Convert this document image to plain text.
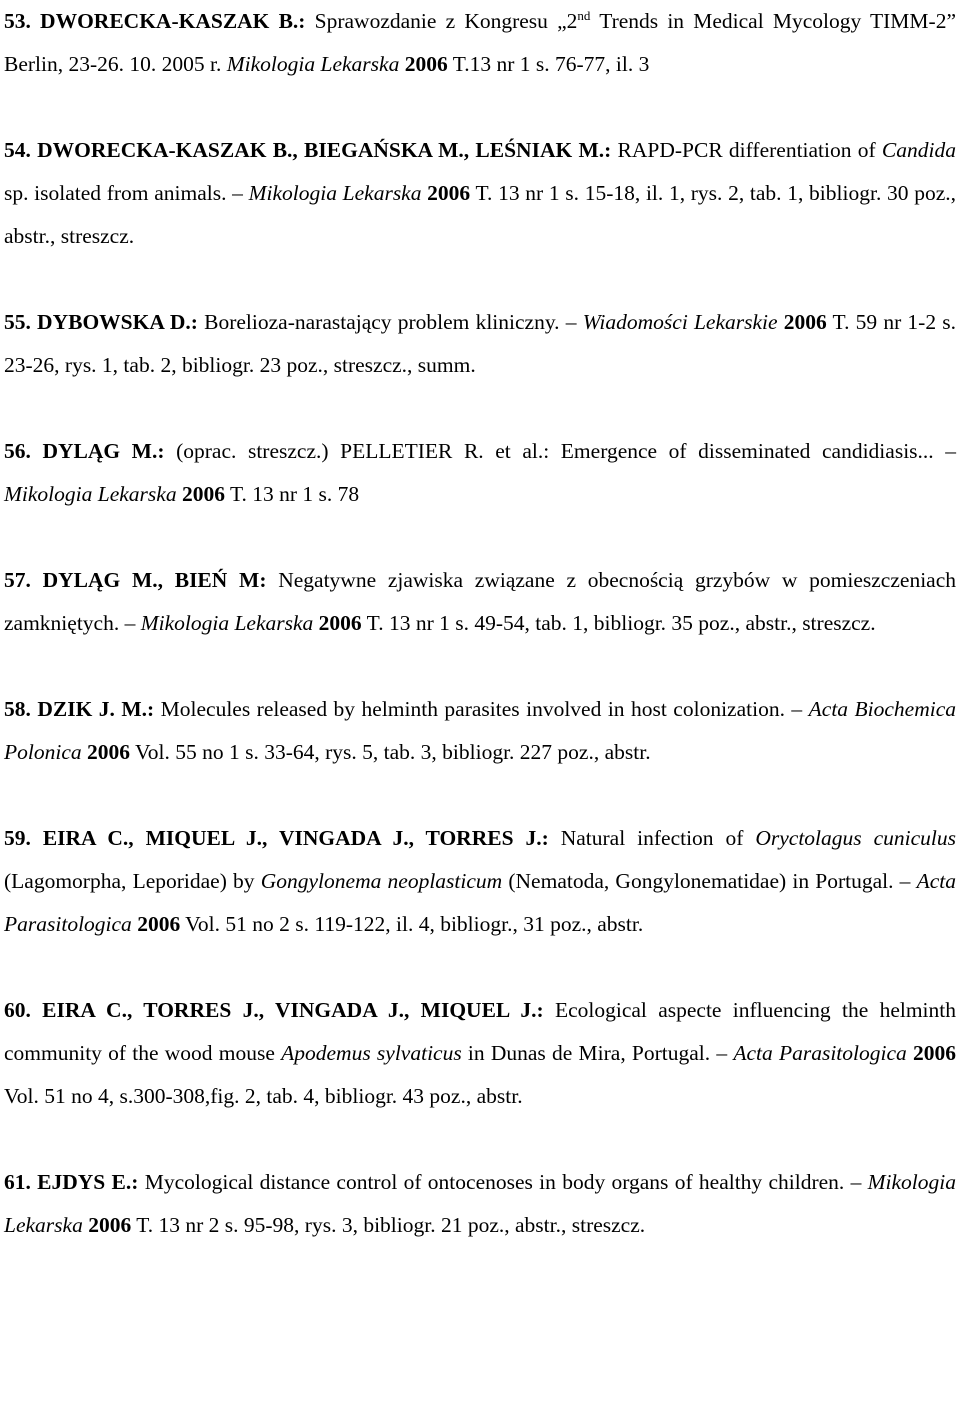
53. DWORECKA-KASZAK B.: Sprawozdanie z Kongresu „2nd Trends in Medical Mycology TIMM-2” Berlin, 23-26. 10. 2005 r. Mikologia Lekarska 2006 T.13 nr 1 s. 76-77, il. 3

54. DWORECKA-KASZAK B., BIEGAŃSKA M., LEŚNIAK M.: RAPD-PCR differentiation of Candida sp. isolated from animals. – Mikologia Lekarska 2006 T. 13 nr 1 s. 15-18, il. 1, rys. 2, tab. 1, bibliogr. 30 poz., abstr., streszcz.

55. DYBOWSKA D.: Borelioza-narastający problem kliniczny. – Wiadomości Lekarskie 2006 T. 59 nr 1-2 s. 23-26, rys. 1, tab. 2, bibliogr. 23 poz., streszcz., summ.

56. DYLĄG M.: (oprac. streszcz.) PELLETIER R. et al.: Emergence of disseminated candidiasis... – Mikologia Lekarska 2006 T. 13 nr 1 s. 78

57. DYLĄG M., BIEŃ M: Negatywne zjawiska związane z obecnością grzybów w pomieszczeniach zamkniętych. – Mikologia Lekarska 2006 T. 13 nr 1 s. 49-54, tab. 1, bibliogr. 35 poz., abstr., streszcz.

58. DZIK J. M.: Molecules released by helminth parasites involved in host colonization. – Acta Biochemica Polonica 2006 Vol. 55 no 1 s. 33-64, rys. 5, tab. 3, bibliogr. 227 poz., abstr.

59. EIRA C., MIQUEL J., VINGADA J., TORRES J.: Natural infection of Oryctolagus cuniculus (Lagomorpha, Leporidae) by Gongylonema neoplasticum (Nematoda, Gongylonematidae) in Portugal. – Acta Parasitologica 2006 Vol. 51 no 2 s. 119-122, il. 4, bibliogr., 31 poz., abstr.

60. EIRA C., TORRES J., VINGADA J., MIQUEL J.: Ecological aspecte influencing the helminth community of the wood mouse Apodemus sylvaticus in Dunas de Mira, Portugal. – Acta Parasitologica 2006 Vol. 51 no 4, s.300-308,fig. 2, tab. 4, bibliogr. 43 poz., abstr.

61. EJDYS E.: Mycological distance control of ontocenoses in body organs of healthy children. – Mikologia Lekarska 2006 T. 13 nr 2 s. 95-98, rys. 3, bibliogr. 21 poz., abstr., streszcz.
